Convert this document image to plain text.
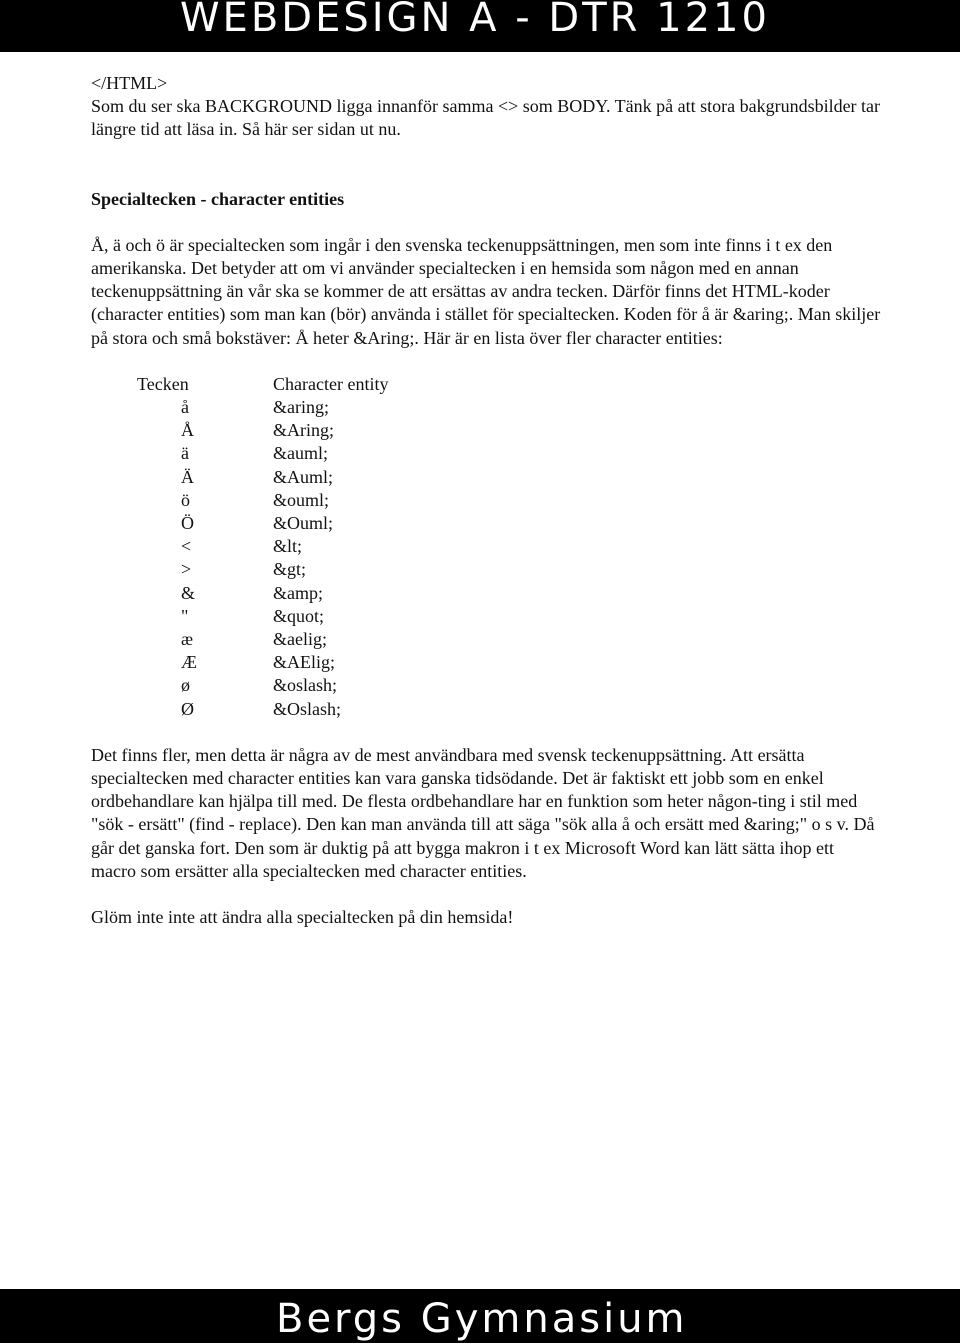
WEBDESIGN A - DTR 1210

</HTML>

Som du ser ska BACKGROUND ligga innanför samma <> som BODY. Tänk på att stora bakgrundsbilder tar längre tid att läsa in. Så här ser sidan ut nu.

Specialtecken - character entities

Å, ä och ö är specialtecken som ingår i den svenska teckenuppsättningen, men som inte finns i t ex den amerikanska. Det betyder att om vi använder specialtecken i en hemsida som någon med en annan teckenuppsättning än vår ska se kommer de att ersättas av andra tecken. Därför finns det HTML-koder (character entities) som man kan (bör) använda i stället för specialtecken. Koden för å är &aring;. Man skiljer på stora och små bokstäver: Å heter &Aring;. Här är en lista över fler character entities:

Tecken	Character entity
å	&aring;
Å	&Aring;
ä	&auml;
Ä	&Auml;
ö	&ouml;
Ö	&Ouml;
<	&lt;
>	&gt;
&	&amp;
"	&quot;
æ	&aelig;
Æ	&AElig;
ø	&oslash;
Ø	&Oslash;

Det finns fler, men detta är några av de mest användbara med svensk teckenuppsättning. Att ersätta specialtecken med character entities kan vara ganska tidsödande. Det är faktiskt ett jobb som en enkel ordbehandlare kan hjälpa till med. De flesta ordbehandlare har en funktion som heter någon-ting i stil med "sök - ersätt" (find - replace). Den kan man använda till att säga "sök alla å och ersätt med &aring;" o s v. Då går det ganska fort. Den som är duktig på att bygga makron i t ex Microsoft Word kan lätt sätta ihop ett macro som ersätter alla specialtecken med character entities.

Glöm inte inte att ändra alla specialtecken på din hemsida!

Bergs Gymnasium
